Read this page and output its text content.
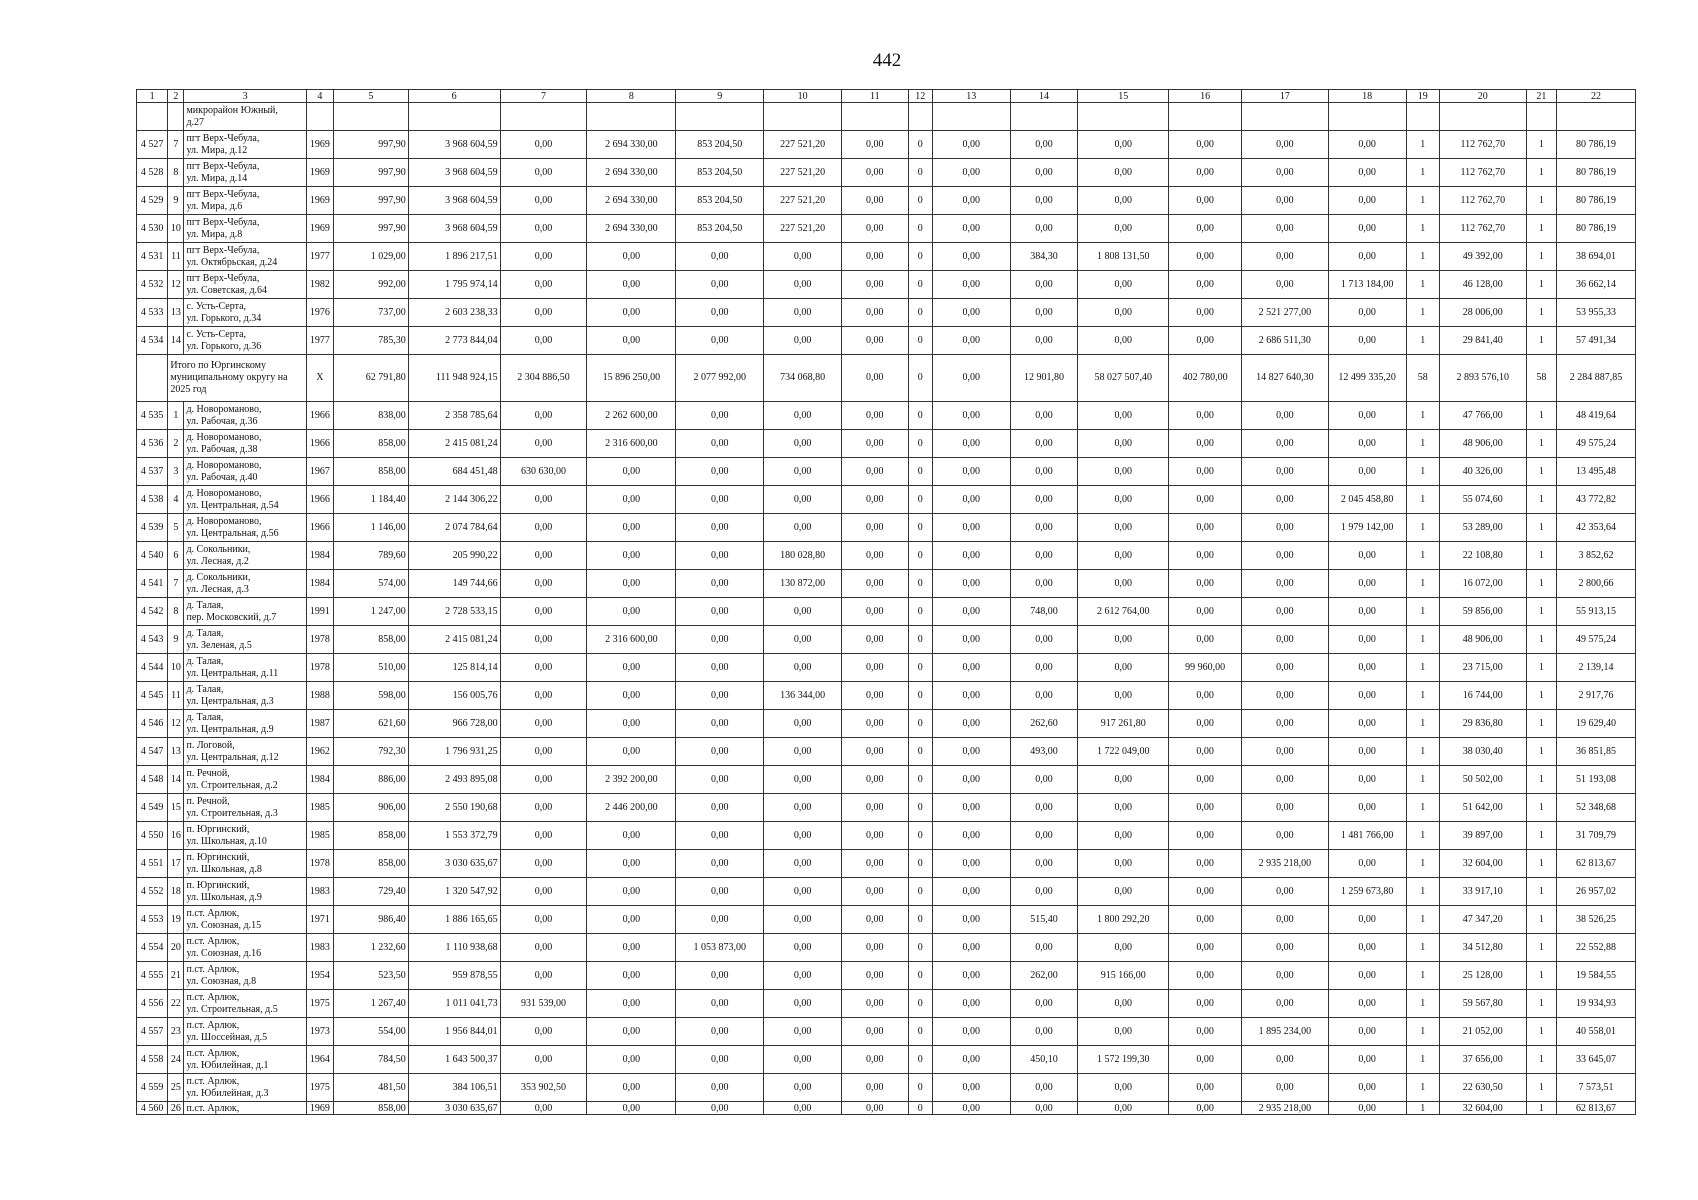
442
1	2	3	4	5	6	7	8	9	10	11	12	13	14	15	16	17	18	19	20	21	22
		микрорайон Южный,
д.27																			
4 527	7	пгт Верх-Чебула,
ул. Мира, д.12	1969	997,90	3 968 604,59	0,00	2 694 330,00	853 204,50	227 521,20	0,00	0	0,00	0,00	0,00	0,00	0,00	0,00	1	112 762,70	1	80 786,19
4 528	8	пгт Верх-Чебула,
ул. Мира, д.14	1969	997,90	3 968 604,59	0,00	2 694 330,00	853 204,50	227 521,20	0,00	0	0,00	0,00	0,00	0,00	0,00	0,00	1	112 762,70	1	80 786,19
4 529	9	пгт Верх-Чебула,
ул. Мира, д.6	1969	997,90	3 968 604,59	0,00	2 694 330,00	853 204,50	227 521,20	0,00	0	0,00	0,00	0,00	0,00	0,00	0,00	1	112 762,70	1	80 786,19
4 530	10	пгт Верх-Чебула,
ул. Мира, д.8	1969	997,90	3 968 604,59	0,00	2 694 330,00	853 204,50	227 521,20	0,00	0	0,00	0,00	0,00	0,00	0,00	0,00	1	112 762,70	1	80 786,19
4 531	11	пгт Верх-Чебула,
ул. Октябрьская, д.24	1977	1 029,00	1 896 217,51	0,00	0,00	0,00	0,00	0,00	0	0,00	384,30	1 808 131,50	0,00	0,00	0,00	1	49 392,00	1	38 694,01
4 532	12	пгт Верх-Чебула,
ул. Советская, д.64	1982	992,00	1 795 974,14	0,00	0,00	0,00	0,00	0,00	0	0,00	0,00	0,00	0,00	0,00	1 713 184,00	1	46 128,00	1	36 662,14
4 533	13	с. Усть-Серта,
ул. Горького, д.34	1976	737,00	2 603 238,33	0,00	0,00	0,00	0,00	0,00	0	0,00	0,00	0,00	0,00	2 521 277,00	0,00	1	28 006,00	1	53 955,33
4 534	14	с. Усть-Серта,
ул. Горького, д.36	1977	785,30	2 773 844,04	0,00	0,00	0,00	0,00	0,00	0	0,00	0,00	0,00	0,00	2 686 511,30	0,00	1	29 841,40	1	57 491,34
	Итого по Юргинскому
муниципальному округу на
2025 год		X	62 791,80	111 948 924,15	2 304 886,50	15 896 250,00	2 077 992,00	734 068,80	0,00	0	0,00	12 901,80	58 027 507,40	402 780,00	14 827 640,30	12 499 335,20	58	2 893 576,10	58	2 284 887,85
4 535	1	д. Новороманово,
ул. Рабочая, д.36	1966	838,00	2 358 785,64	0,00	2 262 600,00	0,00	0,00	0,00	0	0,00	0,00	0,00	0,00	0,00	0,00	1	47 766,00	1	48 419,64
4 536	2	д. Новороманово,
ул. Рабочая, д.38	1966	858,00	2 415 081,24	0,00	2 316 600,00	0,00	0,00	0,00	0	0,00	0,00	0,00	0,00	0,00	0,00	1	48 906,00	1	49 575,24
4 537	3	д. Новороманово,
ул. Рабочая, д.40	1967	858,00	684 451,48	630 630,00	0,00	0,00	0,00	0,00	0	0,00	0,00	0,00	0,00	0,00	0,00	1	40 326,00	1	13 495,48
4 538	4	д. Новороманово,
ул. Центральная, д.54	1966	1 184,40	2 144 306,22	0,00	0,00	0,00	0,00	0,00	0	0,00	0,00	0,00	0,00	0,00	2 045 458,80	1	55 074,60	1	43 772,82
4 539	5	д. Новороманово,
ул. Центральная, д.56	1966	1 146,00	2 074 784,64	0,00	0,00	0,00	0,00	0,00	0	0,00	0,00	0,00	0,00	0,00	1 979 142,00	1	53 289,00	1	42 353,64
4 540	6	д. Сокольники,
ул. Лесная, д.2	1984	789,60	205 990,22	0,00	0,00	0,00	180 028,80	0,00	0	0,00	0,00	0,00	0,00	0,00	0,00	1	22 108,80	1	3 852,62
4 541	7	д. Сокольники,
ул. Лесная, д.3	1984	574,00	149 744,66	0,00	0,00	0,00	130 872,00	0,00	0	0,00	0,00	0,00	0,00	0,00	0,00	1	16 072,00	1	2 800,66
4 542	8	д. Талая,
пер. Московский, д.7	1991	1 247,00	2 728 533,15	0,00	0,00	0,00	0,00	0,00	0	0,00	748,00	2 612 764,00	0,00	0,00	0,00	1	59 856,00	1	55 913,15
4 543	9	д. Талая,
ул. Зеленая, д.5	1978	858,00	2 415 081,24	0,00	2 316 600,00	0,00	0,00	0,00	0	0,00	0,00	0,00	0,00	0,00	0,00	1	48 906,00	1	49 575,24
4 544	10	д. Талая,
ул. Центральная, д.11	1978	510,00	125 814,14	0,00	0,00	0,00	0,00	0,00	0	0,00	0,00	0,00	99 960,00	0,00	0,00	1	23 715,00	1	2 139,14
4 545	11	д. Талая,
ул. Центральная, д.3	1988	598,00	156 005,76	0,00	0,00	0,00	136 344,00	0,00	0	0,00	0,00	0,00	0,00	0,00	0,00	1	16 744,00	1	2 917,76
4 546	12	д. Талая,
ул. Центральная, д.9	1987	621,60	966 728,00	0,00	0,00	0,00	0,00	0,00	0	0,00	262,60	917 261,80	0,00	0,00	0,00	1	29 836,80	1	19 629,40
4 547	13	п. Логовой,
ул. Центральная, д.12	1962	792,30	1 796 931,25	0,00	0,00	0,00	0,00	0,00	0	0,00	493,00	1 722 049,00	0,00	0,00	0,00	1	38 030,40	1	36 851,85
4 548	14	п. Речной,
ул. Строительная, д.2	1984	886,00	2 493 895,08	0,00	2 392 200,00	0,00	0,00	0,00	0	0,00	0,00	0,00	0,00	0,00	0,00	1	50 502,00	1	51 193,08
4 549	15	п. Речной,
ул. Строительная, д.3	1985	906,00	2 550 190,68	0,00	2 446 200,00	0,00	0,00	0,00	0	0,00	0,00	0,00	0,00	0,00	0,00	1	51 642,00	1	52 348,68
4 550	16	п. Юргинский,
ул. Школьная, д.10	1985	858,00	1 553 372,79	0,00	0,00	0,00	0,00	0,00	0	0,00	0,00	0,00	0,00	0,00	1 481 766,00	1	39 897,00	1	31 709,79
4 551	17	п. Юргинский,
ул. Школьная, д.8	1978	858,00	3 030 635,67	0,00	0,00	0,00	0,00	0,00	0	0,00	0,00	0,00	0,00	2 935 218,00	0,00	1	32 604,00	1	62 813,67
4 552	18	п. Юргинский,
ул. Школьная, д.9	1983	729,40	1 320 547,92	0,00	0,00	0,00	0,00	0,00	0	0,00	0,00	0,00	0,00	0,00	1 259 673,80	1	33 917,10	1	26 957,02
4 553	19	п.ст. Арлюк,
ул. Союзная, д.15	1971	986,40	1 886 165,65	0,00	0,00	0,00	0,00	0,00	0	0,00	515,40	1 800 292,20	0,00	0,00	0,00	1	47 347,20	1	38 526,25
4 554	20	п.ст. Арлюк,
ул. Союзная, д.16	1983	1 232,60	1 110 938,68	0,00	0,00	1 053 873,00	0,00	0,00	0	0,00	0,00	0,00	0,00	0,00	0,00	1	34 512,80	1	22 552,88
4 555	21	п.ст. Арлюк,
ул. Союзная, д.8	1954	523,50	959 878,55	0,00	0,00	0,00	0,00	0,00	0	0,00	262,00	915 166,00	0,00	0,00	0,00	1	25 128,00	1	19 584,55
4 556	22	п.ст. Арлюк,
ул. Строительная, д.5	1975	1 267,40	1 011 041,73	931 539,00	0,00	0,00	0,00	0,00	0	0,00	0,00	0,00	0,00	0,00	0,00	1	59 567,80	1	19 934,93
4 557	23	п.ст. Арлюк,
ул. Шоссейная, д.5	1973	554,00	1 956 844,01	0,00	0,00	0,00	0,00	0,00	0	0,00	0,00	0,00	0,00	1 895 234,00	0,00	1	21 052,00	1	40 558,01
4 558	24	п.ст. Арлюк,
ул. Юбилейная, д.1	1964	784,50	1 643 500,37	0,00	0,00	0,00	0,00	0,00	0	0,00	450,10	1 572 199,30	0,00	0,00	0,00	1	37 656,00	1	33 645,07
4 559	25	п.ст. Арлюк,
ул. Юбилейная, д.3	1975	481,50	384 106,51	353 902,50	0,00	0,00	0,00	0,00	0	0,00	0,00	0,00	0,00	0,00	0,00	1	22 630,50	1	7 573,51
4 560	26	п.ст. Арлюк,	1969	858,00	3 030 635,67	0,00	0,00	0,00	0,00	0,00	0	0,00	0,00	0,00	0,00	2 935 218,00	0,00	1	32 604,00	1	62 813,67
